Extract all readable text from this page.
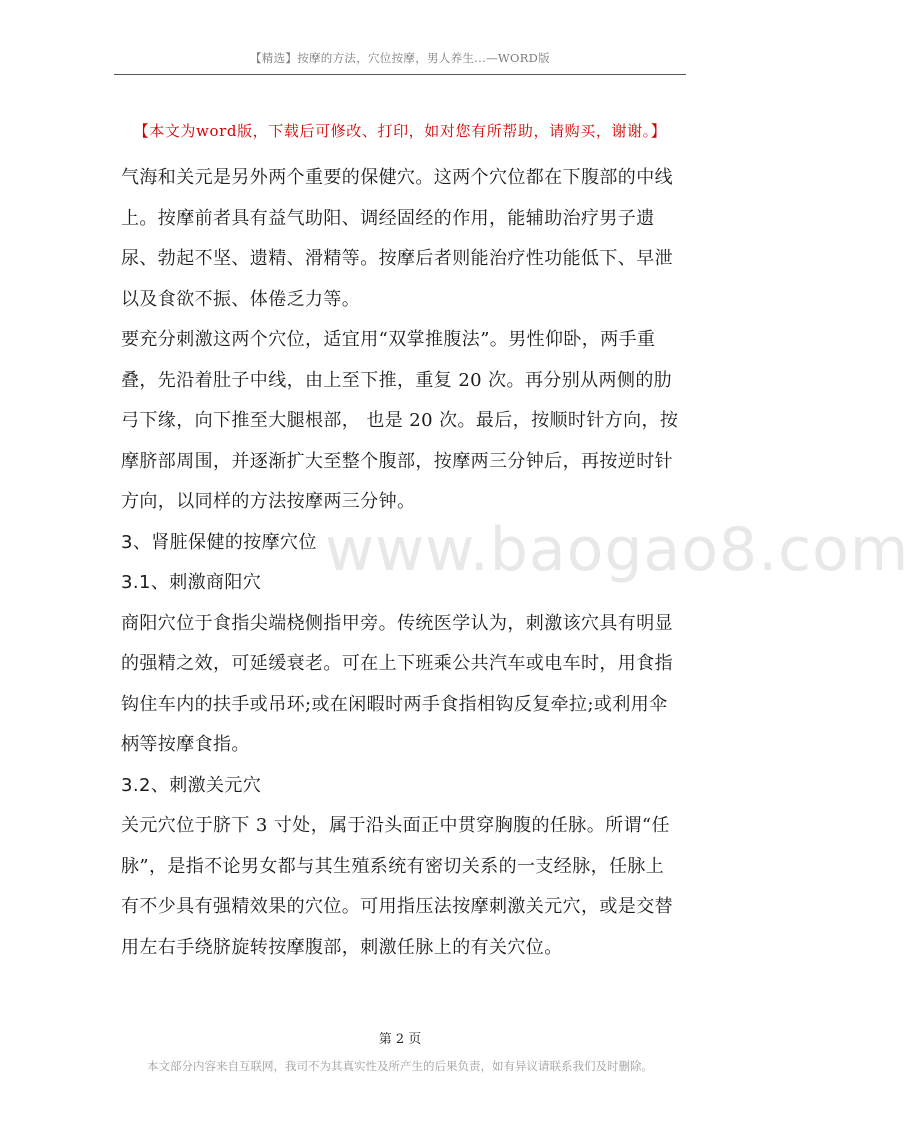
【精选】按摩的方法，穴位按摩，男人养生...—WORD版
【本文为word版，下载后可修改、打印，如对您有所帮助，请购买，谢谢。】
www.baogao8.com

气海和关元是另外两个重要的保健穴。这两个穴位都在下腹部的中线上。按摩前者具有益气助阳、调经固经的作用，能辅助治疗男子遗尿、勃起不坚、遗精、滑精等。按摩后者则能治疗性功能低下、早泄以及食欲不振、体倦乏力等。

要充分刺激这两个穴位，适宜用“双掌推腹法”。男性仰卧，两手重叠，先沿着肚子中线，由上至下推，重复 20 次。再分别从两侧的肋弓下缘，向下推至大腿根部， 也是 20 次。最后，按顺时针方向，按摩脐部周围，并逐渐扩大至整个腹部，按摩两三分钟后，再按逆时针方向，以同样的方法按摩两三分钟。

3、肾脏保健的按摩穴位

3.1、刺激商阳穴

商阳穴位于食指尖端桡侧指甲旁。传统医学认为，刺激该穴具有明显的强精之效，可延缓衰老。可在上下班乘公共汽车或电车时，用食指钩住车内的扶手或吊环;或在闲暇时两手食指相钩反复牵拉;或利用伞柄等按摩食指。

3.2、刺激关元穴

关元穴位于脐下 3 寸处，属于沿头面正中贯穿胸腹的任脉。所谓“任脉”，是指不论男女都与其生殖系统有密切关系的一支经脉，任脉上有不少具有强精效果的穴位。可用指压法按摩刺激关元穴，或是交替用左右手绕脐旋转按摩腹部，刺激任脉上的有关穴位。

第 2 页
本文部分内容来自互联网，我司不为其真实性及所产生的后果负责，如有异议请联系我们及时删除。
